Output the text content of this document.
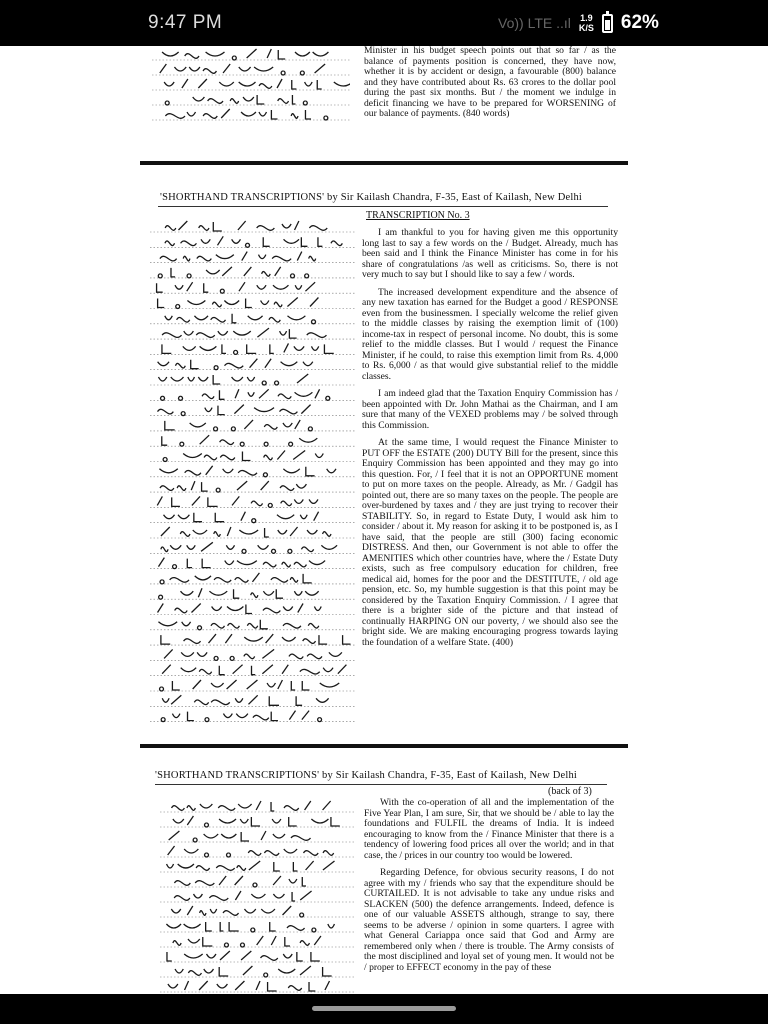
9:47 PM	Vo)) LTE ..ıl 1.9
K/S 62%

Minister in his budget speech points out that so far / as the balance of payments position is concerned, they have now, whether it is by accident or design, a favourable (800) balance and they have contributed about Rs. 63 crores to the dollar pool during the past six months. But / the moment we indulge in deficit financing we have to be prepared for WORSENING of our balance of payments. (840 words)

'SHORTHAND TRANSCRIPTIONS' by Sir Kailash Chandra, F-35, East of Kailash, New Delhi
TRANSCRIPTION No. 3

I am thankful to you for having given me this opportunity long last to say a few words on the / Budget. Already, much has been said and I think the Finance Minister has come in for his share of congratulations /as well as criticisms. So, there is not very much to say but I should like to say a few / words.

The increased development expenditure and the absence of any new taxation has earned for the Budget a good / RESPONSE even from the businessmen. I specially welcome the relief given to the middle classes by raising the exemption limit of (100) income-tax in respect of personal income. No doubt, this is some relief to the middle classes. But I would / request the Finance Minister, if he could, to raise this exemption limit from Rs. 4,000 to Rs. 6,000 / as that would give substantial relief to the middle classes.

I am indeed glad that the Taxation Enquiry Commission has / been appointed with Dr. John Mathai as the Chairman, and I am sure that many of the VEXED problems may / be solved through this Commission.

At the same time, I would request the Finance Minister to PUT OFF the ESTATE (200) DUTY Bill for the present, since this Enquiry Commission has been appointed and they may go into this question. For, / I feel that it is not an OPPORTUNE moment to put on more taxes on the people. Already, as Mr. / Gadgil has pointed out, there are so many taxes on the people. The people are over-burdened by taxes and / they are just trying to recover their STABILITY. So, in regard to Estate Duty, I would ask him to consider / about it. My reason for asking it to be postponed is, as I have said, that the people are still (300) facing economic DISTRESS. And then, our Government is not able to offer the AMENITIES which other countries have, where the / Estate Duty exists, such as free compulsory education for children, free medical aid, homes for the poor and the DESTITUTE, / old age pension, etc. So, my humble suggestion is that this point may be considered by the Taxation Enquiry Commission. / I agree that there is a brighter side of the picture and that instead of continually HARPING ON our poverty, / we should also see the bright side. We are making encouraging progress towards laying the foundation of a welfare State. (400)

'SHORTHAND TRANSCRIPTIONS' by Sir Kailash Chandra, F-35, East of Kailash, New Delhi
(back of 3)

With the co-operation of all and the implementation of the Five Year Plan, I am sure, Sir, that we should be / able to lay the foundations and FULFIL the dreams of India. It is indeed encouraging to know from the / Finance Minister that there is a tendency of lowering food prices all over the world; and in that case, the / prices in our country too would be lowered.

Regarding Defence, for obvious security reasons, I do not agree with my / friends who say that the expenditure should be CURTAILED. It is not advisable to take any undue risks and SLACKEN (500) the defence arrangements. Indeed, defence is one of our valuable ASSETS although, strange to say, there seems to be adverse / opinion in some quarters. I agree with what General Cariappa once said that God and Army are remembered only when / there is trouble. The Army consists of the most disciplined and loyal set of young men. It would not be / proper to EFFECT economy in the pay of these
